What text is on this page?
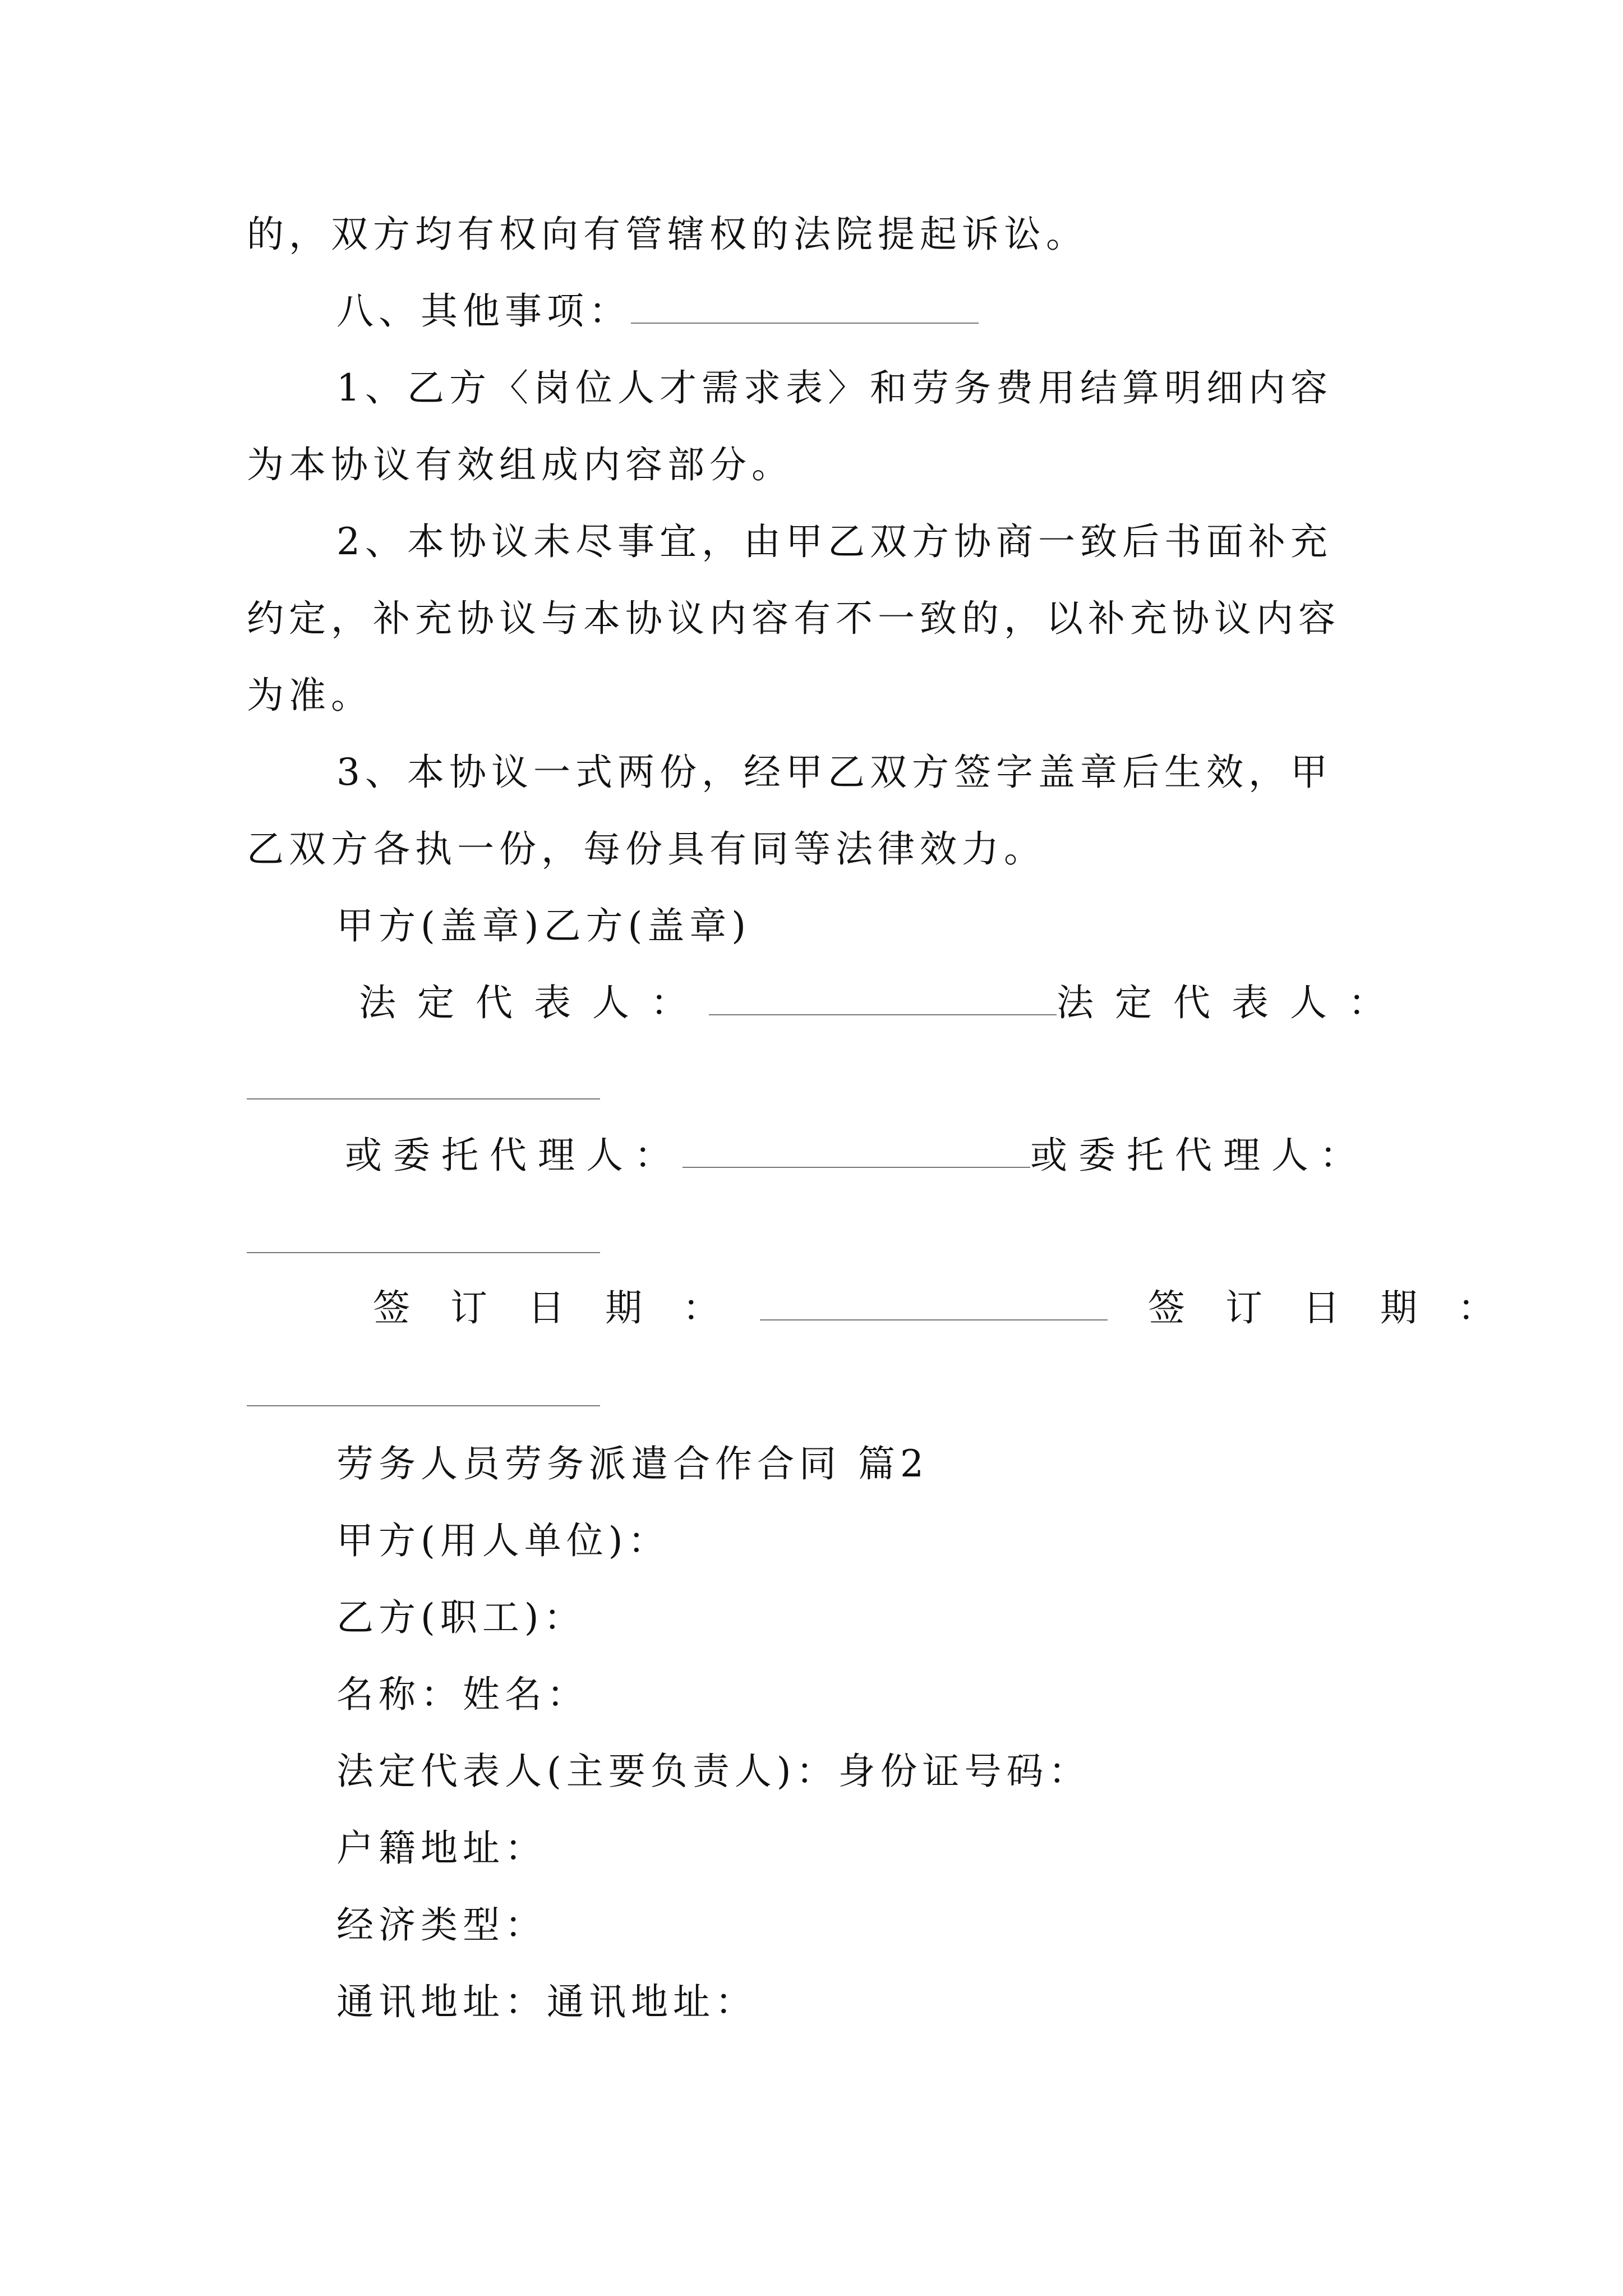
的，双方均有权向有管辖权的法院提起诉讼。
八、其他事项：
1、乙方〈岗位人才需求表〉和劳务费用结算明细内容
为本协议有效组成内容部分。
2、本协议未尽事宜，由甲乙双方协商一致后书面补充
约定，补充协议与本协议内容有不一致的，以补充协议内容
为准。
3、本协议一式两份，经甲乙双方签字盖章后生效，甲
乙双方各执一份，每份具有同等法律效力。
甲方(盖章)乙方(盖章)
法定代表人：	法定代表人：
或委托代理人：	或委托代理人：
签订日期：	签订日期：
劳务人员劳务派遣合作合同 篇2
甲方(用人单位)：
乙方(职工)：
名称：姓名：
法定代表人(主要负责人)：身份证号码：
户籍地址：
经济类型：
通讯地址：通讯地址：
